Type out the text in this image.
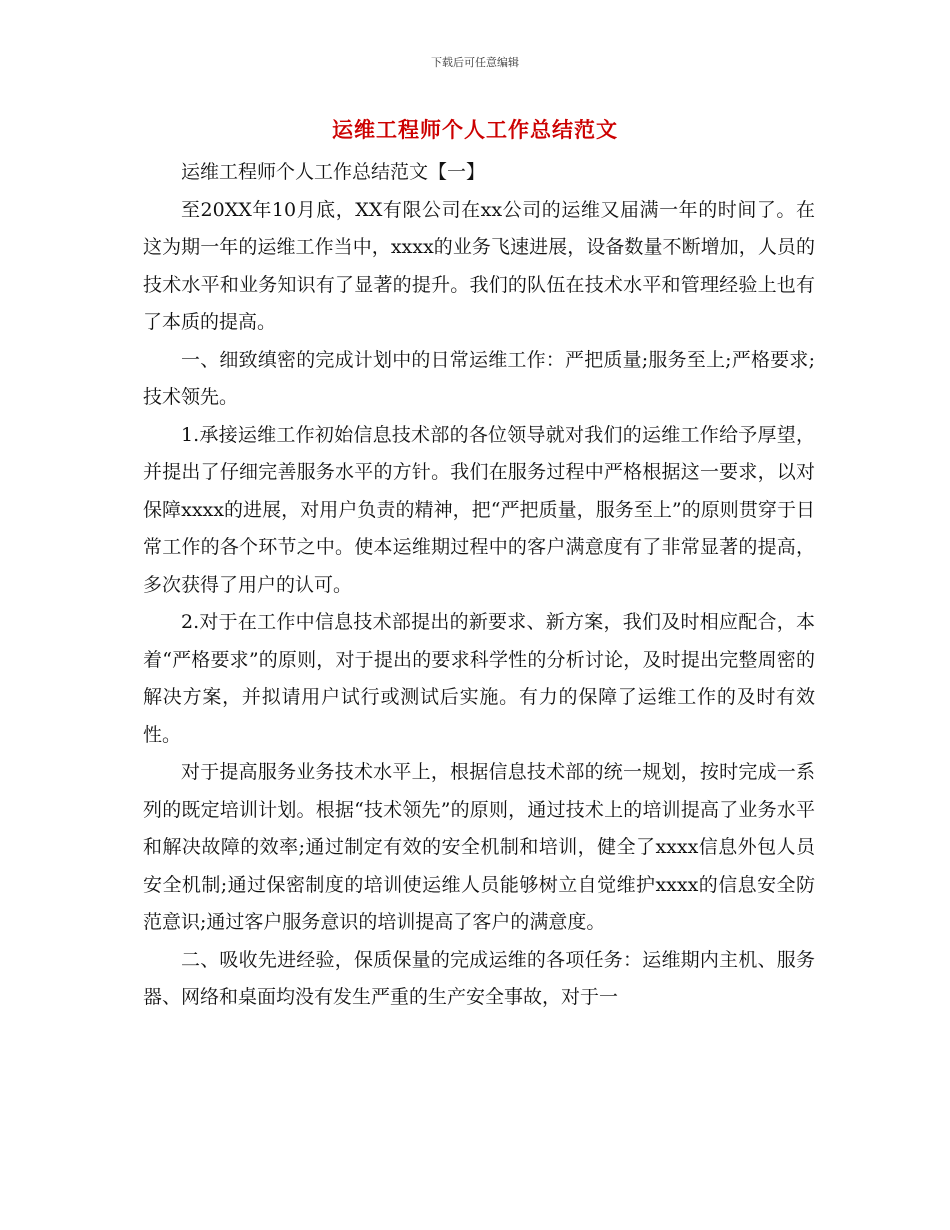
下载后可任意编辑
运维工程师个人工作总结范文

运维工程师个人工作总结范文【一】

至20XX年10月底，XX有限公司在xx公司的运维又届满一年的时间了。在这为期一年的运维工作当中，xxxx的业务飞速进展，设备数量不断增加，人员的技术水平和业务知识有了显著的提升。我们的队伍在技术水平和管理经验上也有了本质的提高。

一、细致缜密的完成计划中的日常运维工作：严把质量;服务至上;严格要求;技术领先。

1.承接运维工作初始信息技术部的各位领导就对我们的运维工作给予厚望，并提出了仔细完善服务水平的方针。我们在服务过程中严格根据这一要求，以对保障xxxx的进展，对用户负责的精神，把“严把质量，服务至上”的原则贯穿于日常工作的各个环节之中。使本运维期过程中的客户满意度有了非常显著的提高，多次获得了用户的认可。

2.对于在工作中信息技术部提出的新要求、新方案，我们及时相应配合，本着“严格要求”的原则，对于提出的要求科学性的分析讨论，及时提出完整周密的解决方案，并拟请用户试行或测试后实施。有力的保障了运维工作的及时有效性。

对于提高服务业务技术水平上，根据信息技术部的统一规划，按时完成一系列的既定培训计划。根据“技术领先”的原则，通过技术上的培训提高了业务水平和解决故障的效率;通过制定有效的安全机制和培训，健全了xxxx信息外包人员安全机制;通过保密制度的培训使运维人员能够树立自觉维护xxxx的信息安全防范意识;通过客户服务意识的培训提高了客户的满意度。

二、吸收先进经验，保质保量的完成运维的各项任务：运维期内主机、服务器、网络和桌面均没有发生严重的生产安全事故，对于一
